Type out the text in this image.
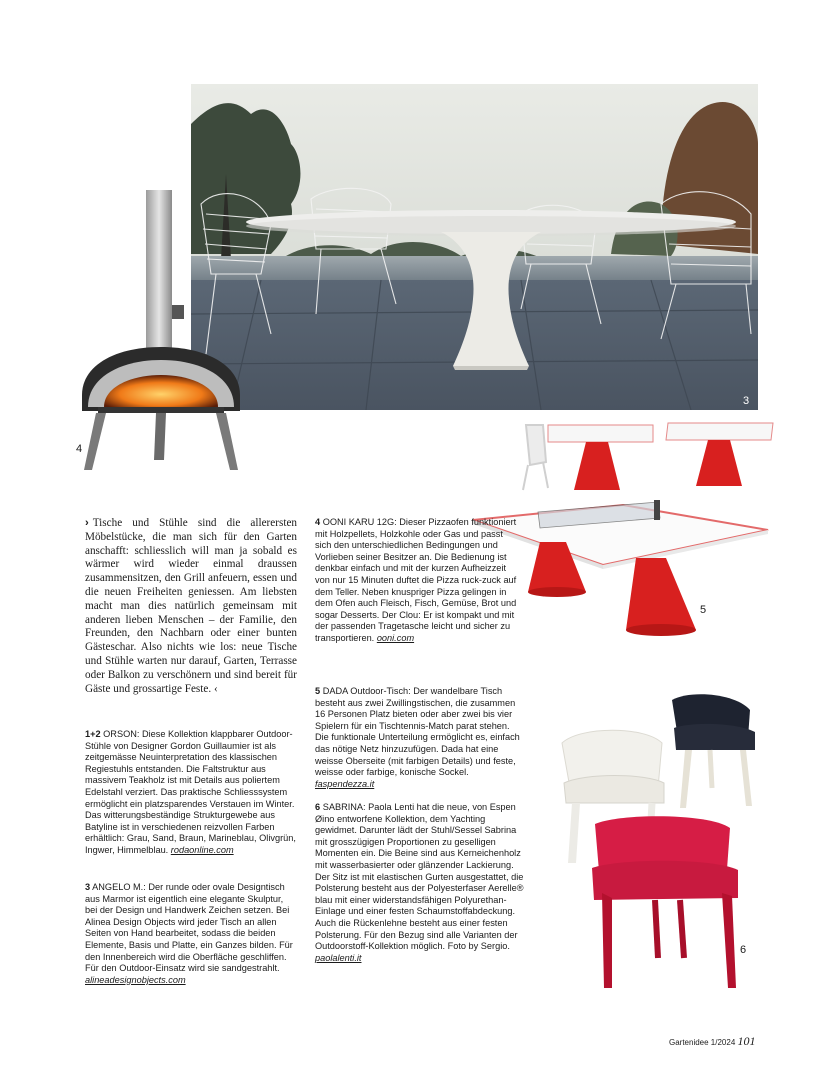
3
4
5
6
› Tische und Stühle sind die allerersten Möbelstücke, die man sich für den Garten anschafft: schliesslich will man ja sobald es wärmer wird wieder einmal draussen zusammensitzen, den Grill anfeuern, essen und die neuen Freiheiten geniessen. Am liebsten macht man dies natürlich gemeinsam mit anderen lieben Menschen – der Familie, den Freunden, den Nachbarn oder einer bunten Gästeschar. Also nichts wie los: neue Tische und Stühle warten nur darauf, Garten, Terrasse oder Balkon zu verschönern und sind bereit für Gäste und grossartige Feste. ‹
1+2 ORSON: Diese Kollektion klappbarer Outdoor-Stühle von Designer Gordon Guillaumier ist als zeitgemässe Neuinterpretation des klassischen Regiestuhls entstanden. Die Faltstruktur aus massivem Teakholz ist mit Details aus poliertem Edelstahl verziert. Das praktische Schliesssystem ermöglicht ein platzsparendes Verstauen im Winter. Das witterungsbeständige Strukturgewebe aus Batyline ist in verschiedenen reizvollen Farben erhältlich: Grau, Sand, Braun, Marineblau, Olivgrün, Ingwer, Himmelblau. rodaonline.com
3 ANGELO M.: Der runde oder ovale Designtisch aus Marmor ist eigentlich eine elegante Skulptur, bei der Design und Handwerk Zeichen setzen. Bei Alinea Design Objects wird jeder Tisch an allen Seiten von Hand bearbeitet, sodass die beiden Elemente, Basis und Platte, ein Ganzes bilden. Für den Innenbereich wird die Oberfläche geschliffen. Für den Outdoor-Einsatz wird sie sandgestrahlt. alineadesignobjects.com
4 OONI KARU 12G: Dieser Pizzaofen funktioniert mit Holzpellets, Holzkohle oder Gas und passt sich den unterschiedlichen Bedingungen und Vorlieben seiner Besitzer an. Die Bedienung ist denkbar einfach und mit der kurzen Aufheizzeit von nur 15 Minuten duftet die Pizza ruck-zuck auf dem Teller. Neben knuspriger Pizza gelingen in dem Ofen auch Fleisch, Fisch, Gemüse, Brot und sogar Desserts. Der Clou: Er ist kompakt und mit der passenden Tragetasche leicht und sicher zu transportieren. ooni.com
5 DADA Outdoor-Tisch: Der wandelbare Tisch besteht aus zwei Zwillingstischen, die zusammen 16 Personen Platz bieten oder aber zwei bis vier Spielern für ein Tischtennis-Match parat stehen. Die funktionale Unterteilung ermöglicht es, einfach das nötige Netz hinzuzufügen. Dada hat eine weisse Oberseite (mit farbigen Details) und feste, weisse oder farbige, konische Sockel. faspendezza.it
6 SABRINA: Paola Lenti hat die neue, von Espen Øino entworfene Kollektion, dem Yachting gewidmet. Darunter lädt der Stuhl/Sessel Sabrina mit grosszügigen Proportionen zu geselligen Momenten ein. Die Beine sind aus Kerneichenholz mit wasserbasierter oder glänzender Lackierung. Der Sitz ist mit elastischen Gurten ausgestattet, die Polsterung besteht aus der Polyesterfaser Aerelle® blau mit einer widerstandsfähigen Polyurethan-Einlage und einer festen Schaumstoffabdeckung. Auch die Rückenlehne besteht aus einer festen Polsterung. Für den Bezug sind alle Varianten der Outdoorstoff-Kollektion möglich. Foto by Sergio. paolalenti.it
Gartenidee 1/2024 101
